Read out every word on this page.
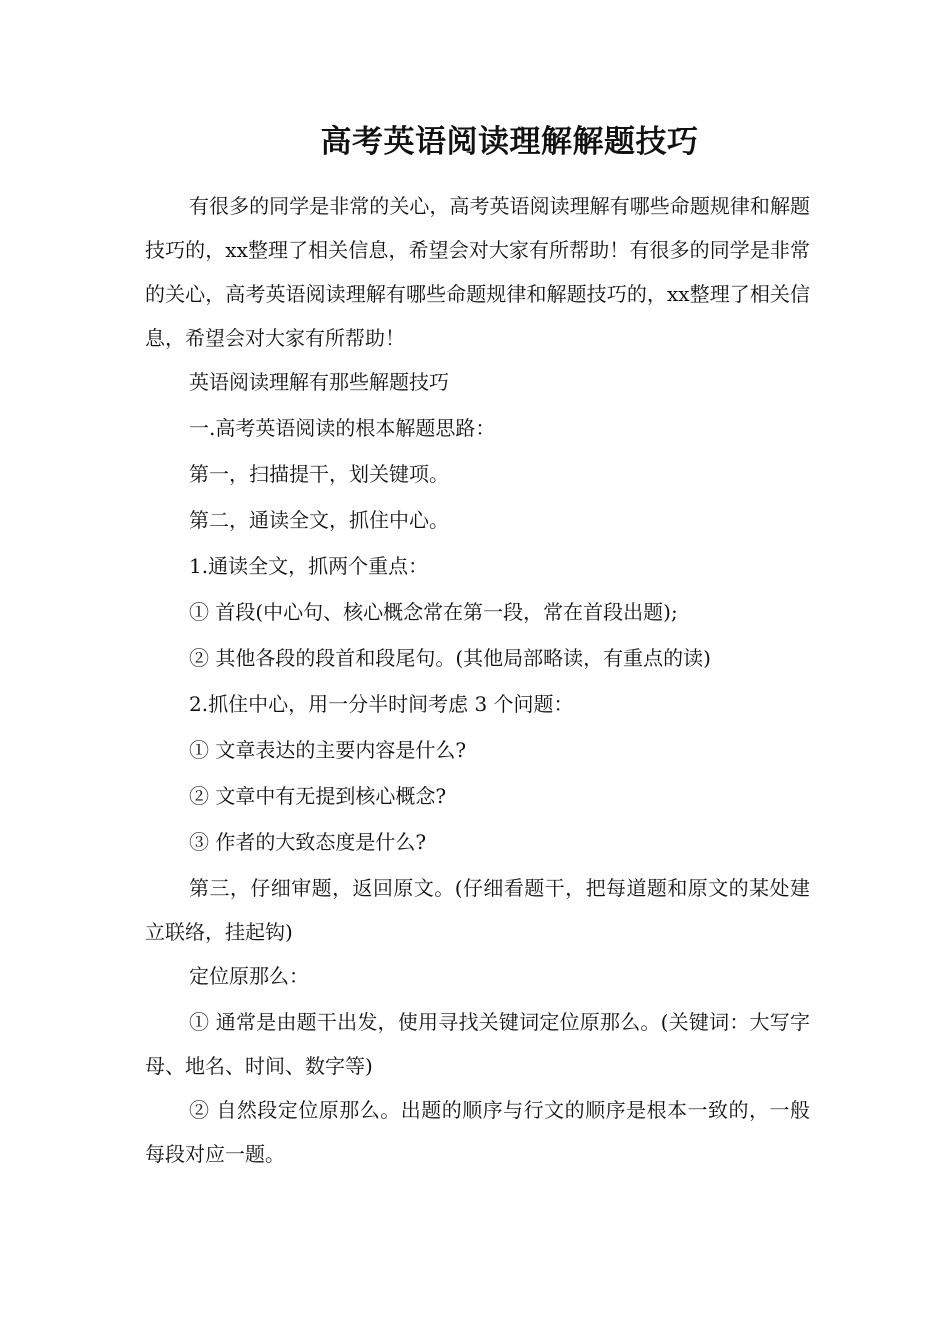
高考英语阅读理解解题技巧

有很多的同学是非常的关心，高考英语阅读理解有哪些命题规律和解题技巧的，xx整理了相关信息，希望会对大家有所帮助！有很多的同学是非常的关心，高考英语阅读理解有哪些命题规律和解题技巧的，xx整理了相关信息，希望会对大家有所帮助！

英语阅读理解有那些解题技巧

一.高考英语阅读的根本解题思路：

第一，扫描提干，划关键项。

第二，通读全文，抓住中心。

1.通读全文，抓两个重点：

① 首段(中心句、核心概念常在第一段，常在首段出题);

② 其他各段的段首和段尾句。(其他局部略读，有重点的读)

2.抓住中心，用一分半时间考虑 3 个问题：

① 文章表达的主要内容是什么?

② 文章中有无提到核心概念?

③ 作者的大致态度是什么?

第三，仔细审题，返回原文。(仔细看题干，把每道题和原文的某处建立联络，挂起钩)

定位原那么：

① 通常是由题干出发，使用寻找关键词定位原那么。(关键词：大写字母、地名、时间、数字等)

② 自然段定位原那么。出题的顺序与行文的顺序是根本一致的，一般每段对应一题。
